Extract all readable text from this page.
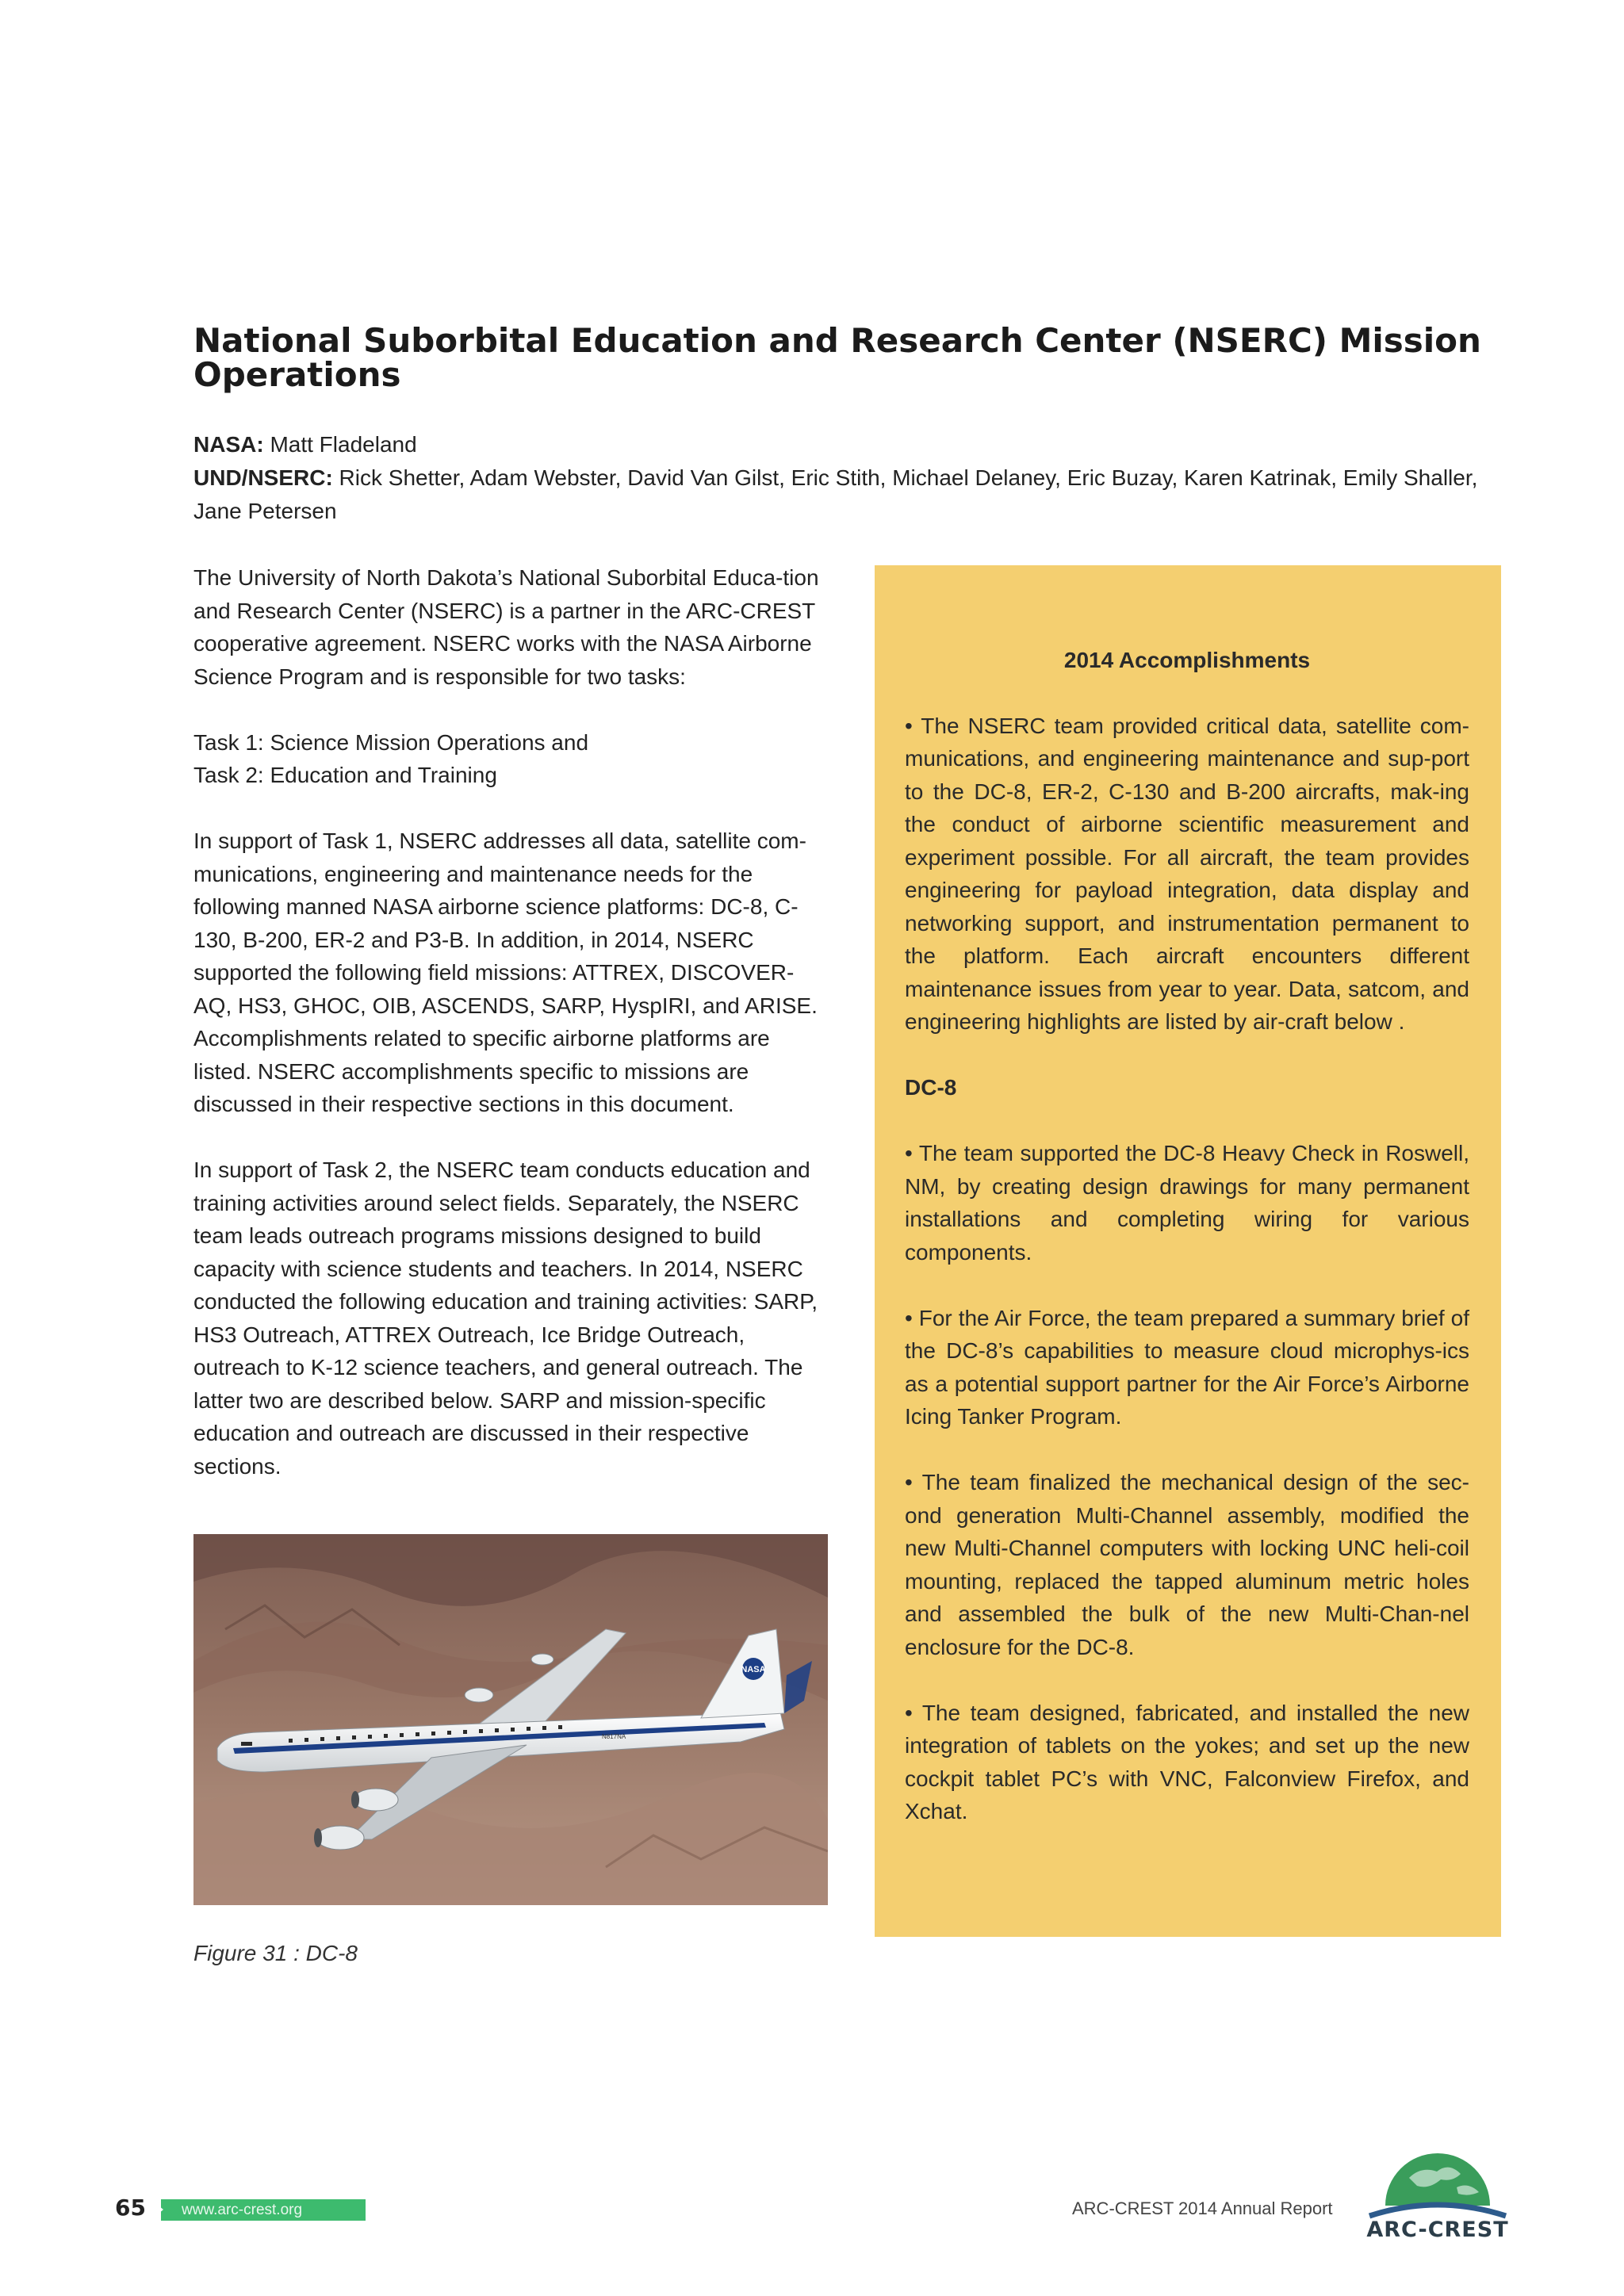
National Suborbital Education and Research Center (NSERC) Mission Operations
NASA: Matt Fladeland
UND/NSERC: Rick Shetter, Adam Webster, David Van Gilst, Eric Stith, Michael Delaney, Eric Buzay, Karen Katrinak, Emily Shaller, Jane Petersen

The University of North Dakota’s National Suborbital Educa-tion and Research Center (NSERC) is a partner in the ARC-CREST cooperative agreement. NSERC works with the NASA Airborne Science Program and is responsible for two tasks:

Task 1: Science Mission Operations and

Task 2: Education and Training

In support of Task 1, NSERC addresses all data, satellite com-munications, engineering and maintenance needs for the following manned NASA airborne science platforms: DC-8, C-130, B-200, ER-2 and P3-B. In addition, in 2014, NSERC supported the following field missions: ATTREX, DISCOVER-AQ, HS3, GHOC, OIB, ASCENDS, SARP, HyspIRI, and ARISE. Accomplishments related to specific airborne platforms are listed. NSERC accomplishments specific to missions are discussed in their respective sections in this document.

In support of Task 2, the NSERC team conducts education and training activities around select fields. Separately, the NSERC team leads outreach programs missions designed to build capacity with science students and teachers. In 2014, NSERC conducted the following education and training activities: SARP, HS3 Outreach, ATTREX Outreach, Ice Bridge Outreach, outreach to K-12 science teachers, and general outreach. The latter two are described below. SARP and mission-specific education and outreach are discussed in their respective sections.

NASA
N817NA
Figure 31 : DC-8

2014 Accomplishments

• The NSERC team provided critical data, satellite com-munications, and engineering maintenance and sup-port to the DC-8, ER-2, C-130 and B-200 aircrafts, mak-ing the conduct of airborne scientific measurement and experiment possible. For all aircraft, the team provides engineering for payload integration, data display and networking support, and instrumentation permanent to the platform. Each aircraft encounters different maintenance issues from year to year. Data, satcom, and engineering highlights are listed by air-craft below .

DC-8

• The team supported the DC-8 Heavy Check in Roswell, NM, by creating design drawings for many permanent installations and completing wiring for various components.

• For the Air Force, the team prepared a summary brief of the DC-8’s capabilities to measure cloud microphys-ics as a potential support partner for the Air Force’s Airborne Icing Tanker Program.

• The team finalized the mechanical design of the sec-ond generation Multi-Channel assembly, modified the new Multi-Channel computers with locking UNC heli-coil mounting, replaced the tapped aluminum metric holes and assembled the bulk of the new Multi-Chan-nel enclosure for the DC-8.

• The team designed, fabricated, and installed the new integration of tablets on the yokes; and set up the new cockpit tablet PC’s with VNC, Falconview Firefox, and Xchat.

65	www.arc-crest.org	ARC-CREST 2014 Annual Report
ARC-CREST
